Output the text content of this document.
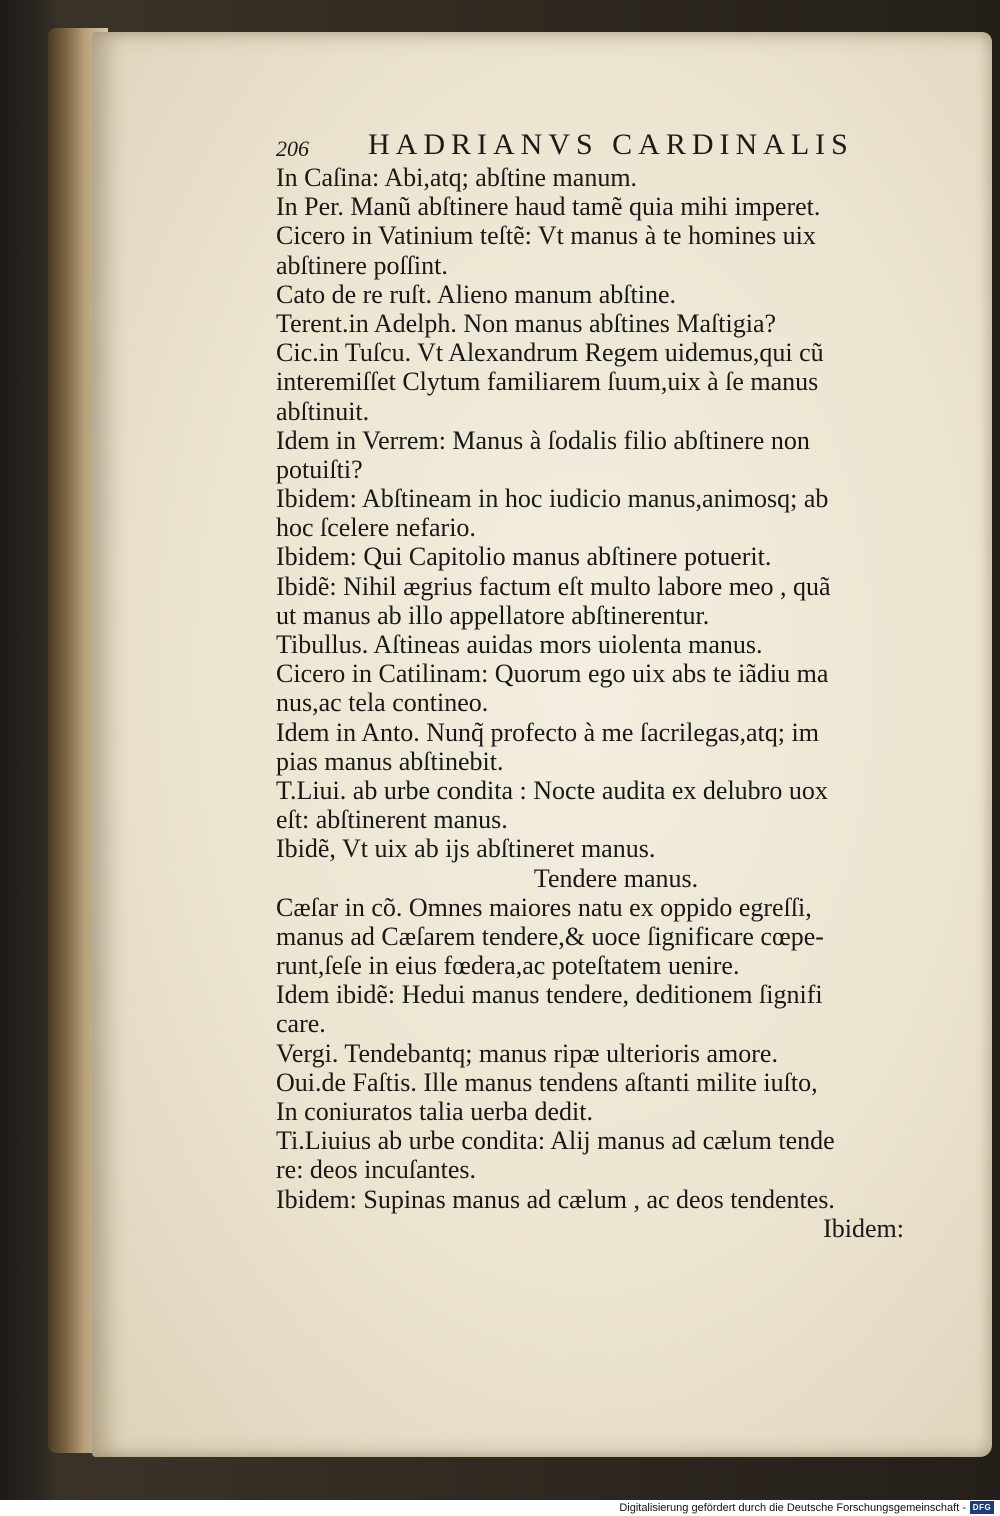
206 HADRIANVS CARDINALIS
In Caſina: Abi,atq; abſtine manum.
In Per. Manũ abſtinere haud tamẽ quia mihi imperet.
Cicero in Vatinium teſtẽ: Vt manus à te homines uix
abſtinere poſſint.
Cato de re ruſt. Alieno manum abſtine.
Terent.in Adelph. Non manus abſtines Maſtigia?
Cic.in Tuſcu. Vt Alexandrum Regem uidemus,qui cũ
interemiſſet Clytum familiarem ſuum,uix à ſe manus
abſtinuit.
Idem in Verrem: Manus à ſodalis filio abſtinere non
potuiſti?
Ibidem: Abſtineam in hoc iudicio manus,animosq; ab
hoc ſcelere nefario.
Ibidem: Qui Capitolio manus abſtinere potuerit.
Ibidẽ: Nihil ægrius factum eſt multo labore meo , quã
ut manus ab illo appellatore abſtinerentur.
Tibullus. Aſtineas auidas mors uiolenta manus.
Cicero in Catilinam: Quorum ego uix abs te iãdiu ma
nus,ac tela contineo.
Idem in Anto. Nunq̃ profecto à me ſacrilegas,atq; im
pias manus abſtinebit.
T.Liui. ab urbe condita : Nocte audita ex delubro uox
eſt: abſtinerent manus.
Ibidẽ, Vt uix ab ijs abſtineret manus.
Tendere manus.
Cæſar in cõ. Omnes maiores natu ex oppido egreſſi,
manus ad Cæſarem tendere,& uoce ſignificare cœpe-
runt,ſeſe in eius fœdera,ac poteſtatem uenire.
Idem ibidẽ: Hedui manus tendere, deditionem ſignifi
care.
Vergi. Tendebantq; manus ripæ ulterioris amore.
Oui.de Faſtis. Ille manus tendens aſtanti milite iuſto,
In coniuratos talia uerba dedit.
Ti.Liuius ab urbe condita: Alij manus ad cælum tende
re: deos incuſantes.
Ibidem: Supinas manus ad cælum , ac deos tendentes.
Ibidem:
Digitalisierung gefördert durch die Deutsche Forschungsgemeinschaft - DFG
